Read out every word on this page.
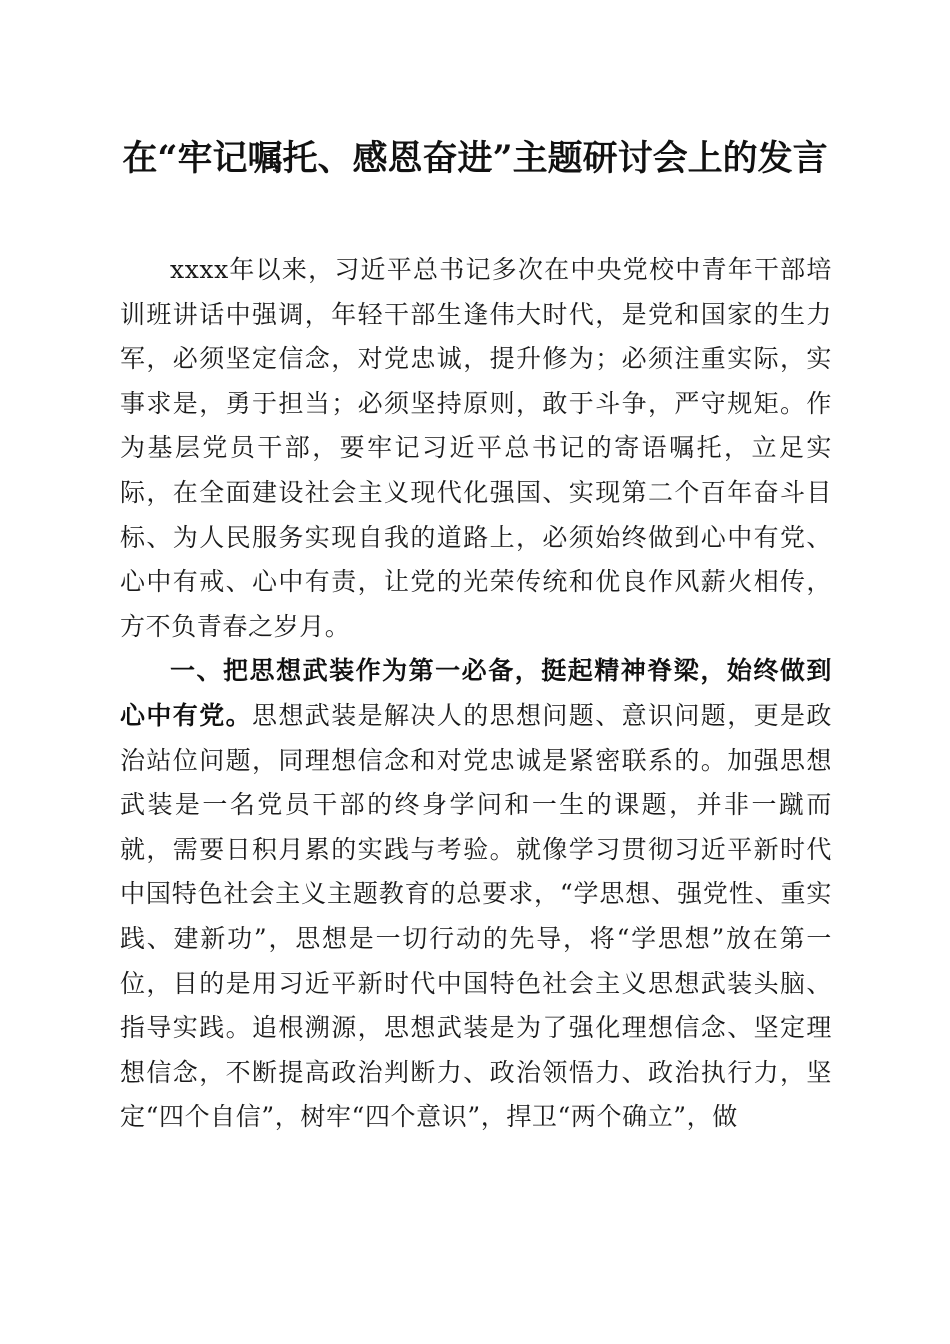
在“牢记嘱托、感恩奋进”主题研讨会上的发言

xxxx年以来，习近平总书记多次在中央党校中青年干部培训班讲话中强调，年轻干部生逢伟大时代，是党和国家的生力军，必须坚定信念，对党忠诚，提升修为；必须注重实际，实事求是，勇于担当；必须坚持原则，敢于斗争，严守规矩。作为基层党员干部，要牢记习近平总书记的寄语嘱托，立足实际，在全面建设社会主义现代化强国、实现第二个百年奋斗目标、为人民服务实现自我的道路上，必须始终做到心中有党、心中有戒、心中有责，让党的光荣传统和优良作风薪火相传，方不负青春之岁月。

一、把思想武装作为第一必备，挺起精神脊梁，始终做到心中有党。思想武装是解决人的思想问题、意识问题，更是政治站位问题，同理想信念和对党忠诚是紧密联系的。加强思想武装是一名党员干部的终身学问和一生的课题，并非一蹴而就，需要日积月累的实践与考验。就像学习贯彻习近平新时代中国特色社会主义主题教育的总要求，“学思想、强党性、重实践、建新功”，思想是一切行动的先导，将“学思想”放在第一位，目的是用习近平新时代中国特色社会主义思想武装头脑、指导实践。追根溯源，思想武装是为了强化理想信念、坚定理想信念，不断提高政治判断力、政治领悟力、政治执行力，坚定“四个自信”，树牢“四个意识”，捍卫“两个确立”，做
